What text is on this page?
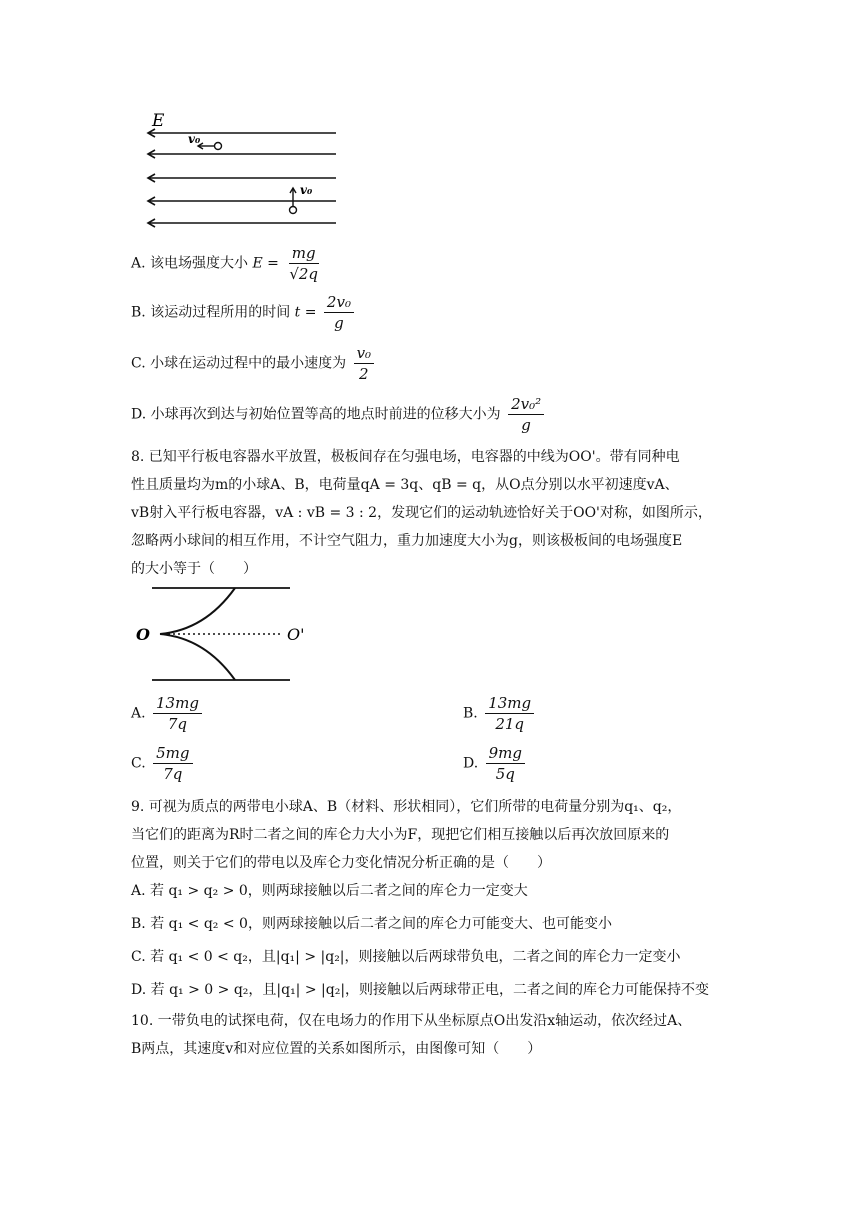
E
v₀
v₀
A. 该电场强度大小 $E = \frac{mg}{√2q}$
B. 该运动过程所用的时间 $t = \frac{\text{2v₀}}{g}$
C. 小球在运动过程中的最小速度为 $\frac{\text{v₀}}{2}$
D. 小球再次到达与初始位置等高的地点时前进的位移大小为 $\frac{\text{2v₀²}}{g}$
8. 已知平行板电容器水平放置，极板间存在匀强电场，电容器的中线为OO'。带有同种电
性且质量均为m的小球A、B，电荷量qA = 3q、qB = q，从O点分别以水平初速度vA、
vB射入平行板电容器，vA : vB = 3 : 2，发现它们的运动轨迹恰好关于OO'对称，如图所示，
忽略两小球间的相互作用，不计空气阻力，重力加速度大小为g，则该极板间的电场强度E
的大小等于（　　）
O	O'
A. $\frac{13mg}{7q}$	B. $\frac{13mg}{21q}$
C. $\frac{5mg}{7q}$	D. $\frac{9mg}{5q}$
9. 可视为质点的两带电小球A、B（材料、形状相同），它们所带的电荷量分别为q₁、q₂，
当它们的距离为R时二者之间的库仑力大小为F，现把它们相互接触以后再次放回原来的
位置，则关于它们的带电以及库仑力变化情况分析正确的是（　　）
A. 若 q₁ > q₂ > 0，则两球接触以后二者之间的库仑力一定变大
B. 若 q₁ < q₂ < 0，则两球接触以后二者之间的库仑力可能变大、也可能变小
C. 若 q₁ < 0 < q₂，且|q₁| > |q₂|，则接触以后两球带负电，二者之间的库仑力一定变小
D. 若 q₁ > 0 > q₂，且|q₁| > |q₂|，则接触以后两球带正电，二者之间的库仑力可能保持不变
10. 一带负电的试探电荷，仅在电场力的作用下从坐标原点O出发沿x轴运动，依次经过A、
B两点，其速度v和对应位置的关系如图所示，由图像可知（　　）
